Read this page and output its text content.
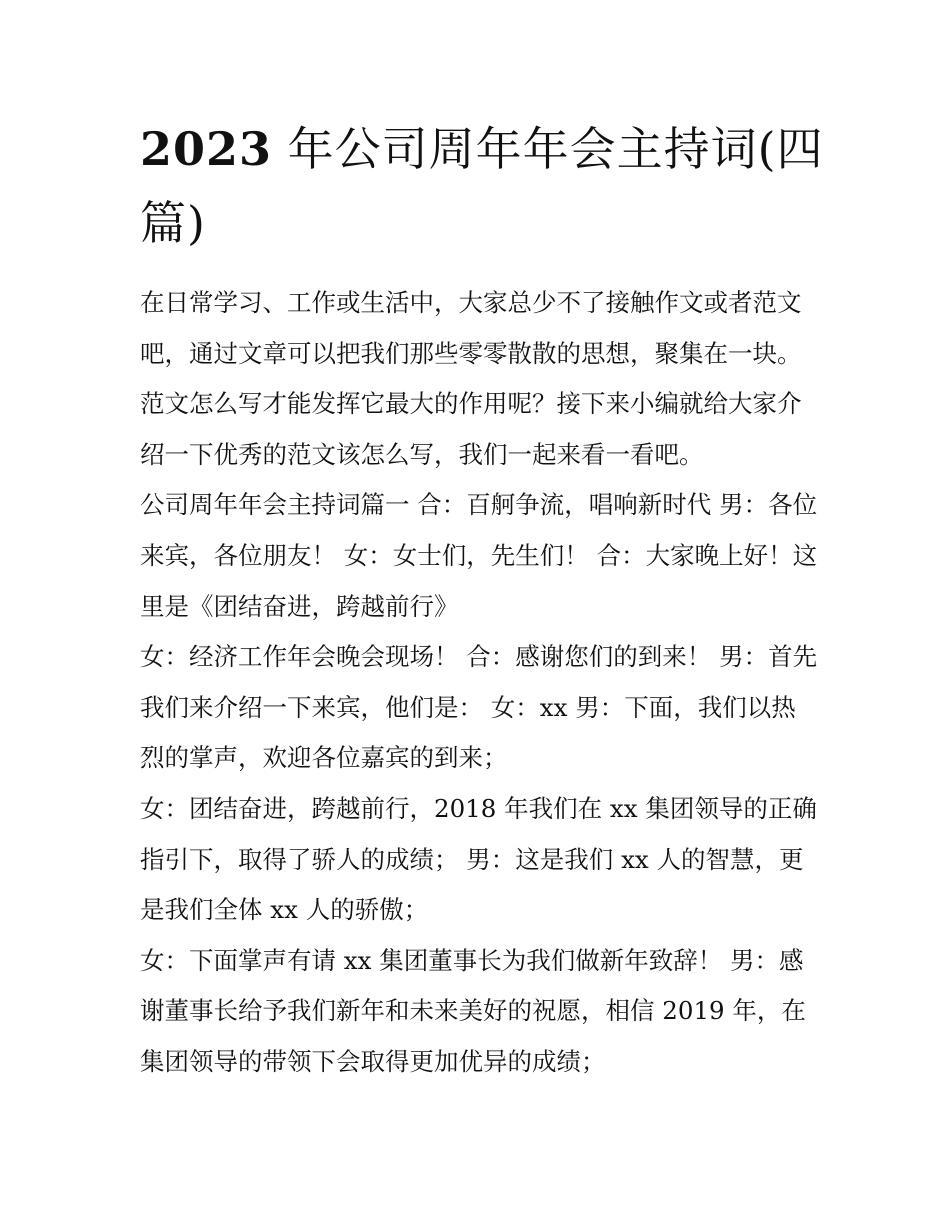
2023 年公司周年年会主持词(四篇)

在日常学习、工作或生活中，大家总少不了接触作文或者范文吧，通过文章可以把我们那些零零散散的思想，聚集在一块。范文怎么写才能发挥它最大的作用呢？接下来小编就给大家介绍一下优秀的范文该怎么写，我们一起来看一看吧。

公司周年年会主持词篇一 合：百舸争流，唱响新时代 男：各位来宾，各位朋友！ 女：女士们，先生们！ 合：大家晚上好！这里是《团结奋进，跨越前行》

女：经济工作年会晚会现场！ 合：感谢您们的到来！ 男：首先我们来介绍一下来宾，他们是： 女：xx 男：下面，我们以热烈的掌声，欢迎各位嘉宾的到来；

女：团结奋进，跨越前行，2018 年我们在 xx 集团领导的正确指引下，取得了骄人的成绩； 男：这是我们 xx 人的智慧，更是我们全体 xx 人的骄傲；

女：下面掌声有请 xx 集团董事长为我们做新年致辞！ 男：感谢董事长给予我们新年和未来美好的祝愿，相信 2019 年，在集团领导的带领下会取得更加优异的成绩；
